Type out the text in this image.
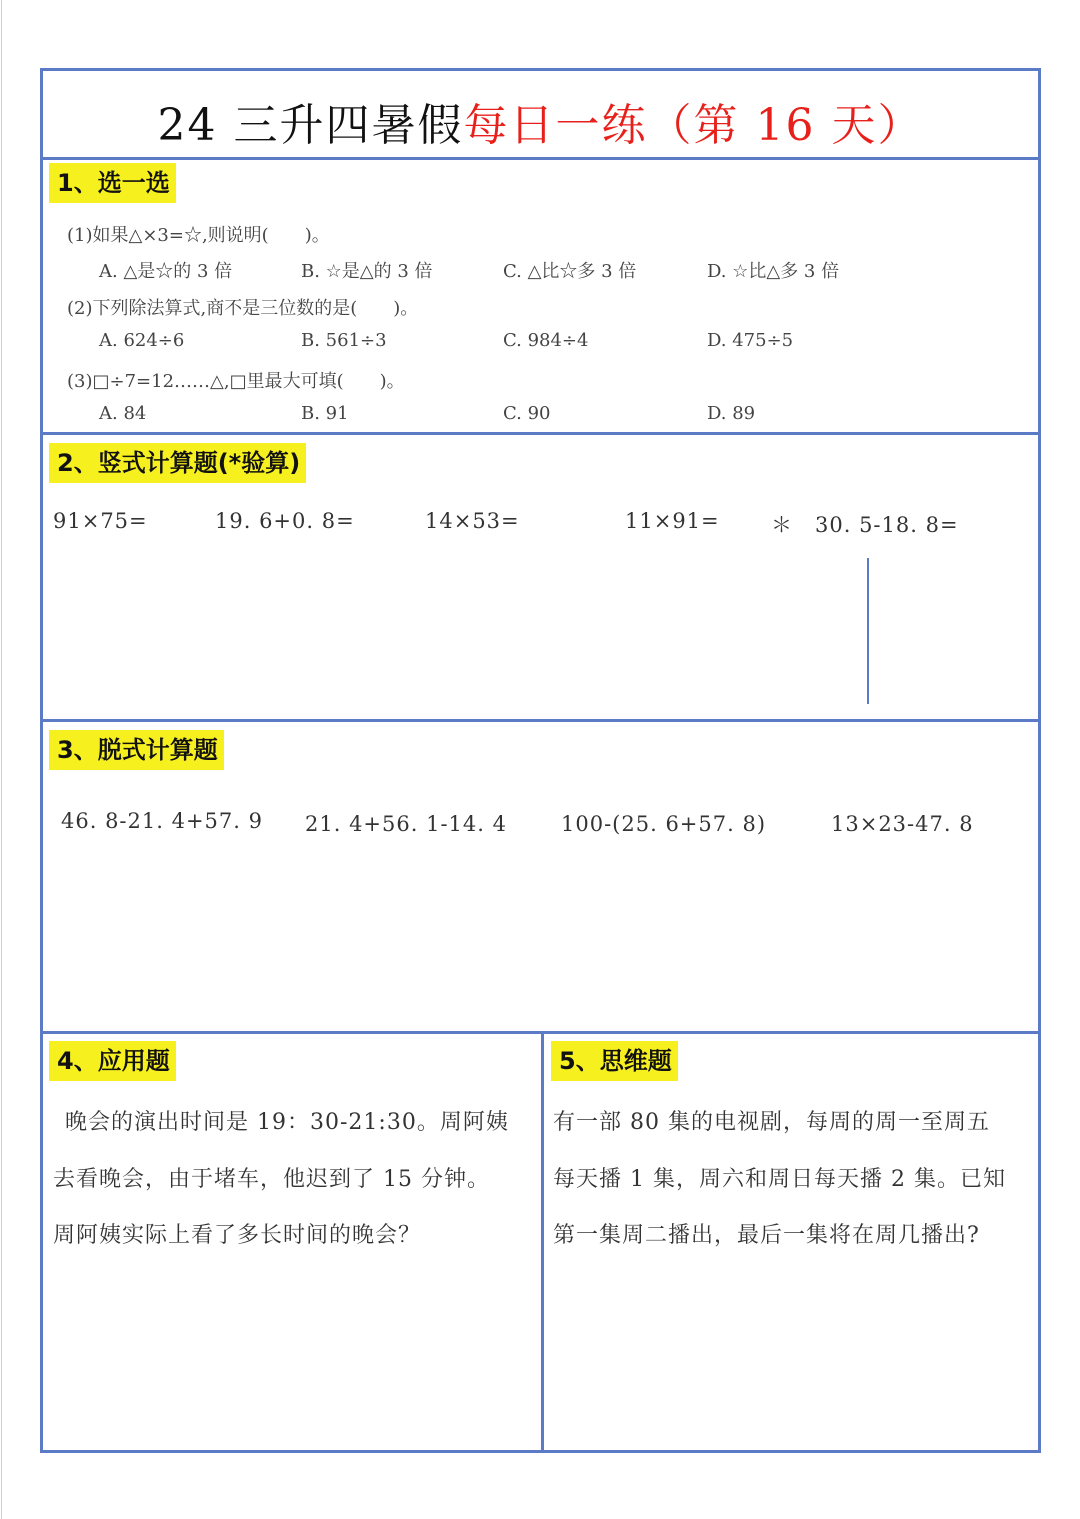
24 三升四暑假每日一练（第 16 天）
1、选一选
(1)如果△×3=☆,则说明(　　)。
A. △是☆的 3 倍	B. ☆是△的 3 倍	C. △比☆多 3 倍	D. ☆比△多 3 倍
(2)下列除法算式,商不是三位数的是(　　)。
A. 624÷6	B. 561÷3	C. 984÷4	D. 475÷5
(3)□÷7=12……△,□里最大可填(　　)。
A. 84	B. 91	C. 90	D. 89
2、竖式计算题(*验算)
91×75=	19. 6+0. 8=	14×53=	11×91= ＊　30. 5-18. 8=
3、脱式计算题
46. 8-21. 4+57. 9 21. 4+56. 1-14. 4	100-(25. 6+57. 8)	13×23-47. 8
4、应用题
晚会的演出时间是 19：30-21:30。周阿姨
去看晚会，由于堵车，他迟到了 15 分钟。
周阿姨实际上看了多长时间的晚会？
5、思维题
有一部 80 集的电视剧，每周的周一至周五
每天播 1 集，周六和周日每天播 2 集。已知
第一集周二播出，最后一集将在周几播出?
